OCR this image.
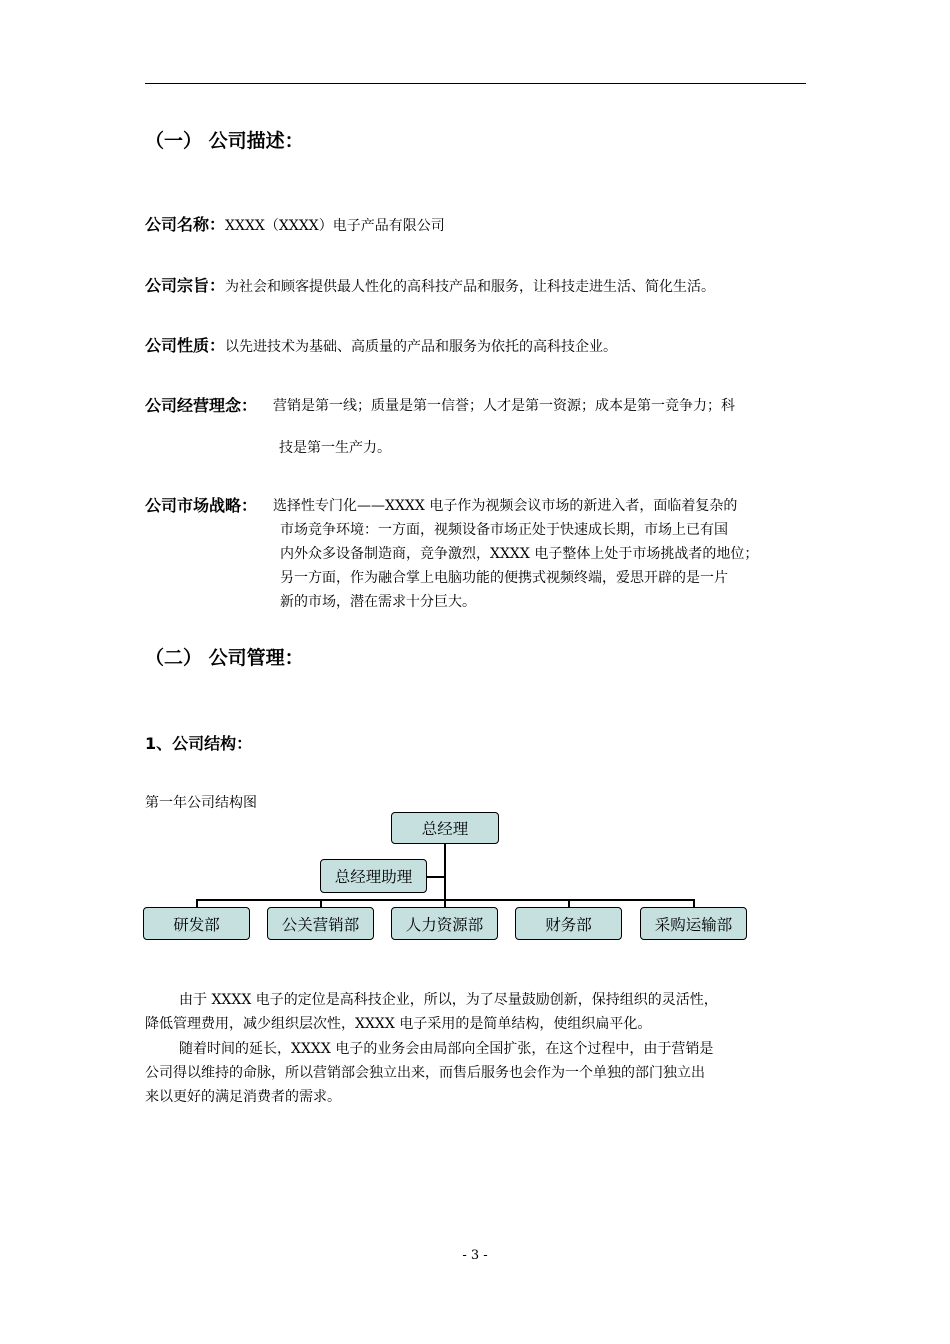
（一） 公司描述：
公司名称：XXXX（XXXX）电子产品有限公司
公司宗旨：为社会和顾客提供最人性化的高科技产品和服务，让科技走进生活、简化生活。
公司性质：以先进技术为基础、高质量的产品和服务为依托的高科技企业。
公司经营理念： 营销是第一线；质量是第一信誉；人才是第一资源；成本是第一竞争力；科
技是第一生产力。
公司市场战略： 选择性专门化——XXXX 电子作为视频会议市场的新进入者，面临着复杂的
市场竞争环境：一方面，视频设备市场正处于快速成长期，市场上已有国
内外众多设备制造商，竞争激烈，XXXX 电子整体上处于市场挑战者的地位；
另一方面，作为融合掌上电脑功能的便携式视频终端，爱思开辟的是一片
新的市场，潜在需求十分巨大。
（二） 公司管理：
1、公司结构：
第一年公司结构图
总经理
总经理助理
研发部	公关营销部	人力资源部	财务部	采购运输部
由于 XXXX 电子的定位是高科技企业，所以，为了尽量鼓励创新，保持组织的灵活性，
降低管理费用，减少组织层次性，XXXX 电子采用的是简单结构，使组织扁平化。
随着时间的延长，XXXX 电子的业务会由局部向全国扩张，在这个过程中，由于营销是
公司得以维持的命脉，所以营销部会独立出来，而售后服务也会作为一个单独的部门独立出
来以更好的满足消费者的需求。
- 3 -
